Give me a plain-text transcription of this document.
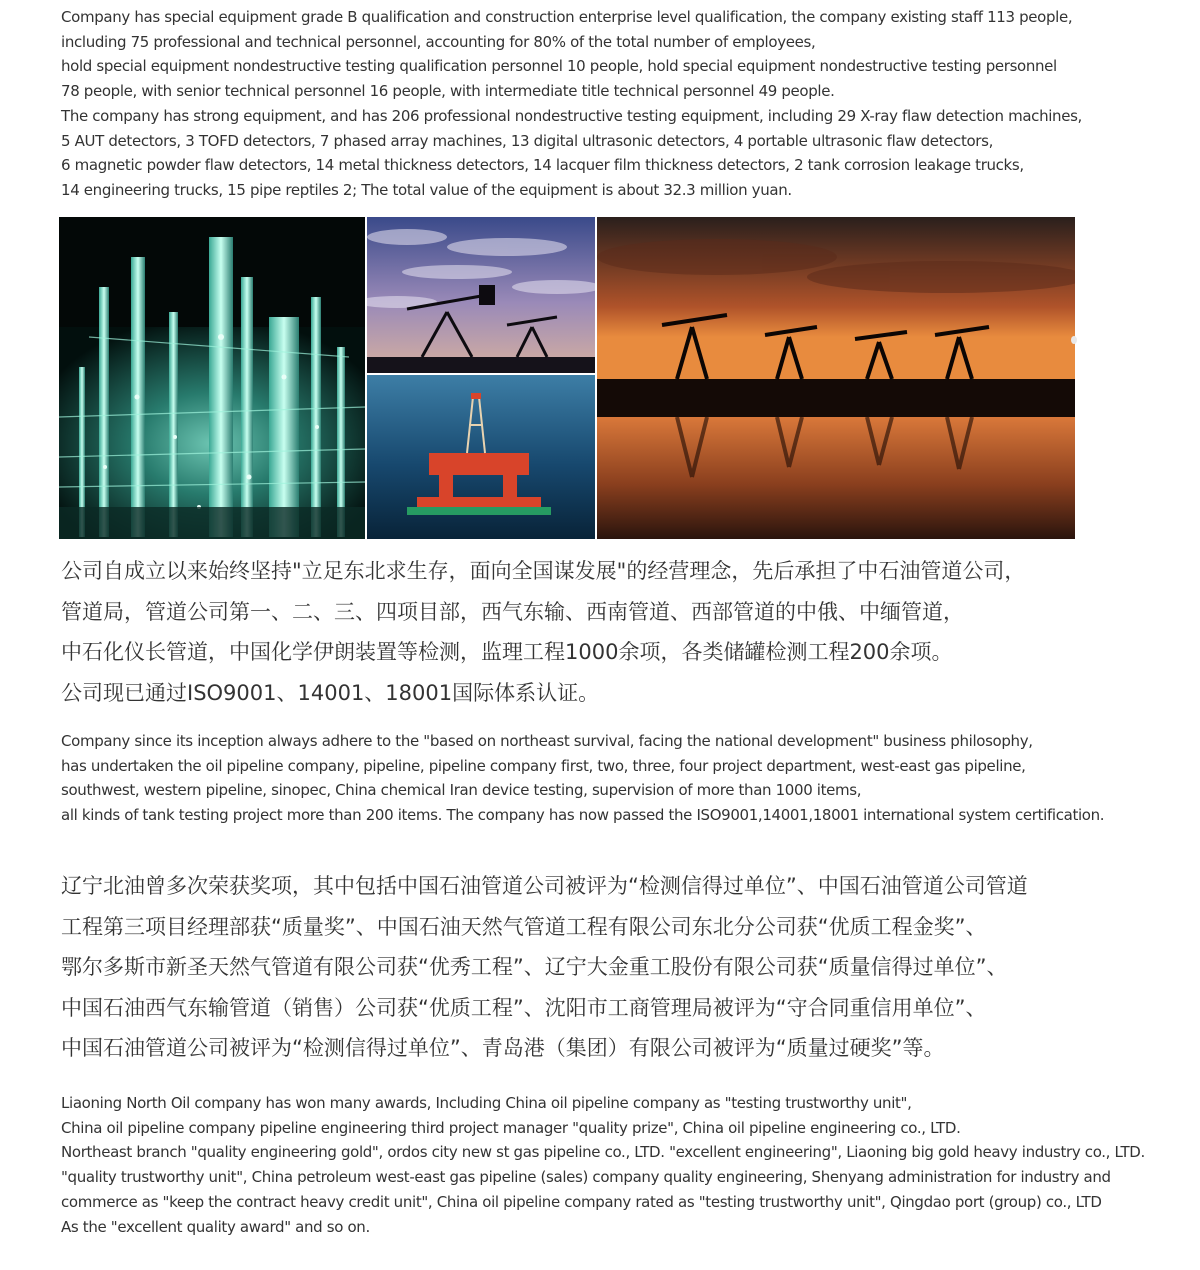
Company has special equipment grade B qualification and construction enterprise level qualification, the company existing staff 113 people,

including 75 professional and technical personnel, accounting for 80% of the total number of employees,

hold special equipment nondestructive testing qualification personnel 10 people, hold special equipment nondestructive testing personnel

78 people, with senior technical personnel 16 people, with intermediate title technical personnel 49 people.

The company has strong equipment, and has 206 professional nondestructive testing equipment, including 29 X-ray flaw detection machines,

5 AUT detectors, 3 TOFD detectors, 7 phased array machines, 13 digital ultrasonic detectors, 4 portable ultrasonic flaw detectors,

6 magnetic powder flaw detectors, 14 metal thickness detectors, 14 lacquer film thickness detectors, 2 tank corrosion leakage trucks,

14 engineering trucks, 15 pipe reptiles 2; The total value of the equipment is about 32.3 million yuan.

公司自成立以来始终坚持"立足东北求生存，面向全国谋发展"的经营理念，先后承担了中石油管道公司，

管道局，管道公司第一、二、三、四项目部，西气东输、西南管道、西部管道的中俄、中缅管道，

中石化仪长管道，中国化学伊朗装置等检测，监理工程1000余项，各类储罐检测工程200余项。

公司现已通过ISO9001、14001、18001国际体系认证。

Company since its inception always adhere to the "based on northeast survival, facing the national development" business philosophy,

has undertaken the oil pipeline company, pipeline, pipeline company first, two, three, four project department, west-east gas pipeline,

southwest, western pipeline, sinopec, China chemical Iran device testing, supervision of more than 1000 items,

all kinds of tank testing project more than 200 items. The company has now passed the ISO9001,14001,18001 international system certification.

辽宁北油曾多次荣获奖项，其中包括中国石油管道公司被评为“检测信得过单位”、中国石油管道公司管道

工程第三项目经理部获“质量奖”、中国石油天然气管道工程有限公司东北分公司获“优质工程金奖”、

鄂尔多斯市新圣天然气管道有限公司获“优秀工程”、辽宁大金重工股份有限公司获“质量信得过单位”、

中国石油西气东输管道（销售）公司获“优质工程”、沈阳市工商管理局被评为“守合同重信用单位”、

中国石油管道公司被评为“检测信得过单位”、青岛港（集团）有限公司被评为“质量过硬奖”等。

Liaoning North Oil company has won many awards, Including China oil pipeline company as "testing trustworthy unit",

China oil pipeline company pipeline engineering third project manager "quality prize", China oil pipeline engineering co., LTD.

Northeast branch "quality engineering gold", ordos city new st gas pipeline co., LTD. "excellent engineering", Liaoning big gold heavy industry co., LTD.

"quality trustworthy unit", China petroleum west-east gas pipeline (sales) company quality engineering, Shenyang administration for industry and

commerce as "keep the contract heavy credit unit", China oil pipeline company rated as "testing trustworthy unit", Qingdao port (group) co., LTD

As the "excellent quality award" and so on.
